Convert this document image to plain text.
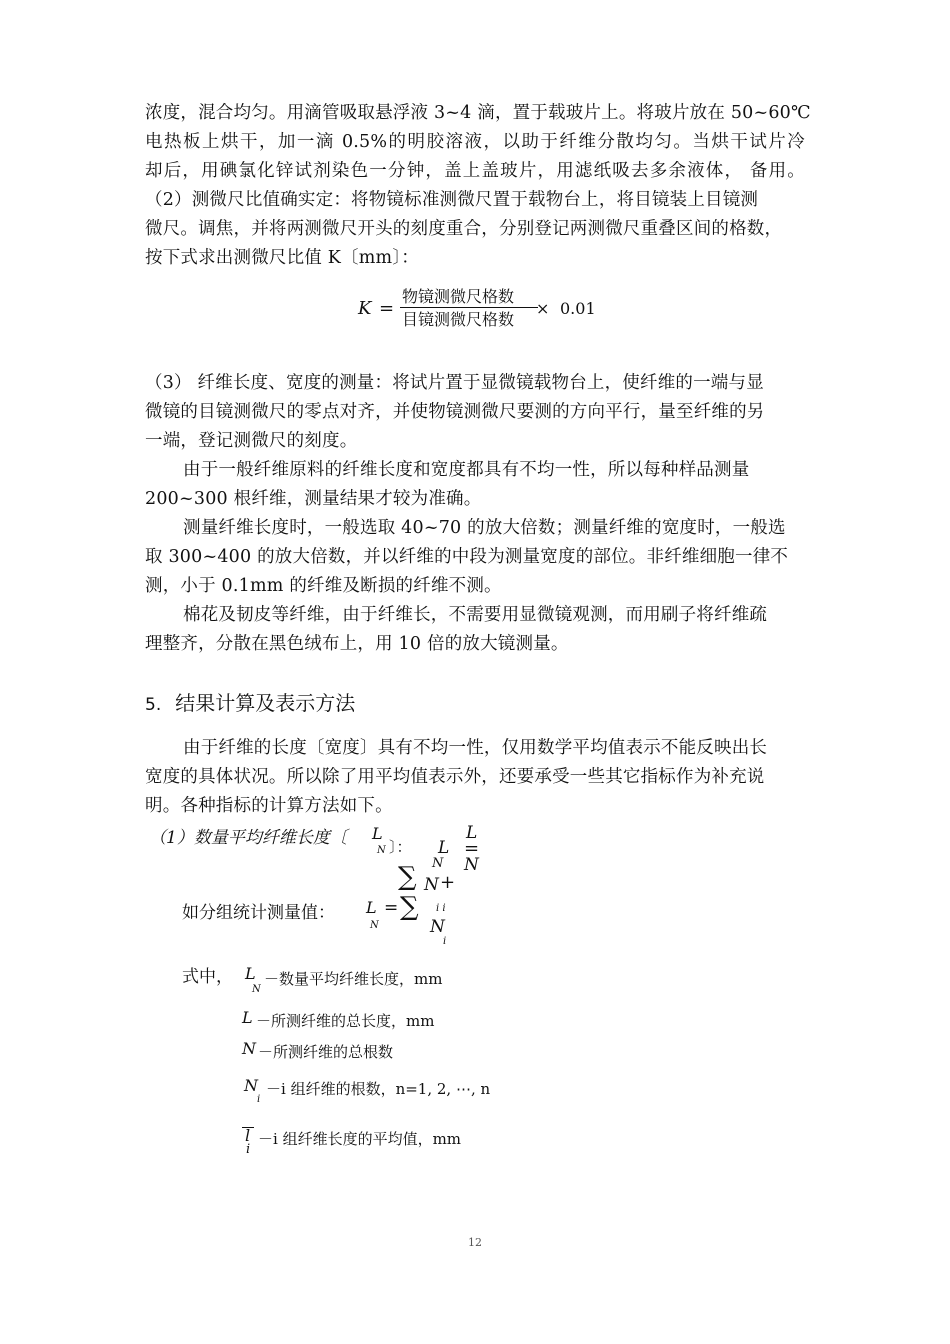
浓度，混合均匀。用滴管吸取悬浮液 3~4 滴，置于载玻片上。将玻片放在 50~60℃
电热板上烘干，加一滴 0.5%的明胶溶液，以助于纤维分散均匀。当烘干试片冷
却后，用碘氯化锌试剂染色一分钟，盖上盖玻片，用滤纸吸去多余液体， 备用。
（2）测微尺比值确实定：将物镜标准测微尺置于载物台上，将目镜装上目镜测
微尺。调焦，并将两测微尺开头的刻度重合，分别登记两测微尺重叠区间的格数，
按下式求出测微尺比值 K〔mm〕：
K =
物镜测微尺格数
目镜测微尺格数
× 0.01
（3） 纤维长度、宽度的测量：将试片置于显微镜载物台上，使纤维的一端与显
微镜的目镜测微尺的零点对齐，并使物镜测微尺要测的方向平行，量至纤维的另
一端，登记测微尺的刻度。
由于一般纤维原料的纤维长度和宽度都具有不均一性，所以每种样品测量
200~300 根纤维，测量结果才较为准确。
测量纤维长度时，一般选取 40~70 的放大倍数；测量纤维的宽度时，一般选
取 300~400 的放大倍数，并以纤维的中段为测量宽度的部位。非纤维细胞一律不
测，小于 0.1mm 的纤维及断损的纤维不测。
棉花及韧皮等纤维，由于纤维长，不需要用显微镜观测，而用刷子将纤维疏
理整齐，分散在黑色绒布上，用 10 倍的放大镜测量。
5. 结果计算及表示方法
由于纤维的长度〔宽度〕具有不均一性，仅用数学平均值表示不能反映出长
宽度的具体状况。所以除了用平均值表示外，还要承受一些其它指标作为补充说
明。各种指标的计算方法如下。
（1）数量平均纤维长度〔 L
N 〕： L
N
L
=
N
如分组统计测量值：
∑ N +
L
N
= ∑ i i
N
i
式中， L
N
－数量平均纤维长度，mm
L －所测纤维的总长度，mm
N －所测纤维的总根数
N
i
－i 组纤维的根数，n=1, 2, ⋯, n
l
i
－i 组纤维长度的平均值，mm
12
